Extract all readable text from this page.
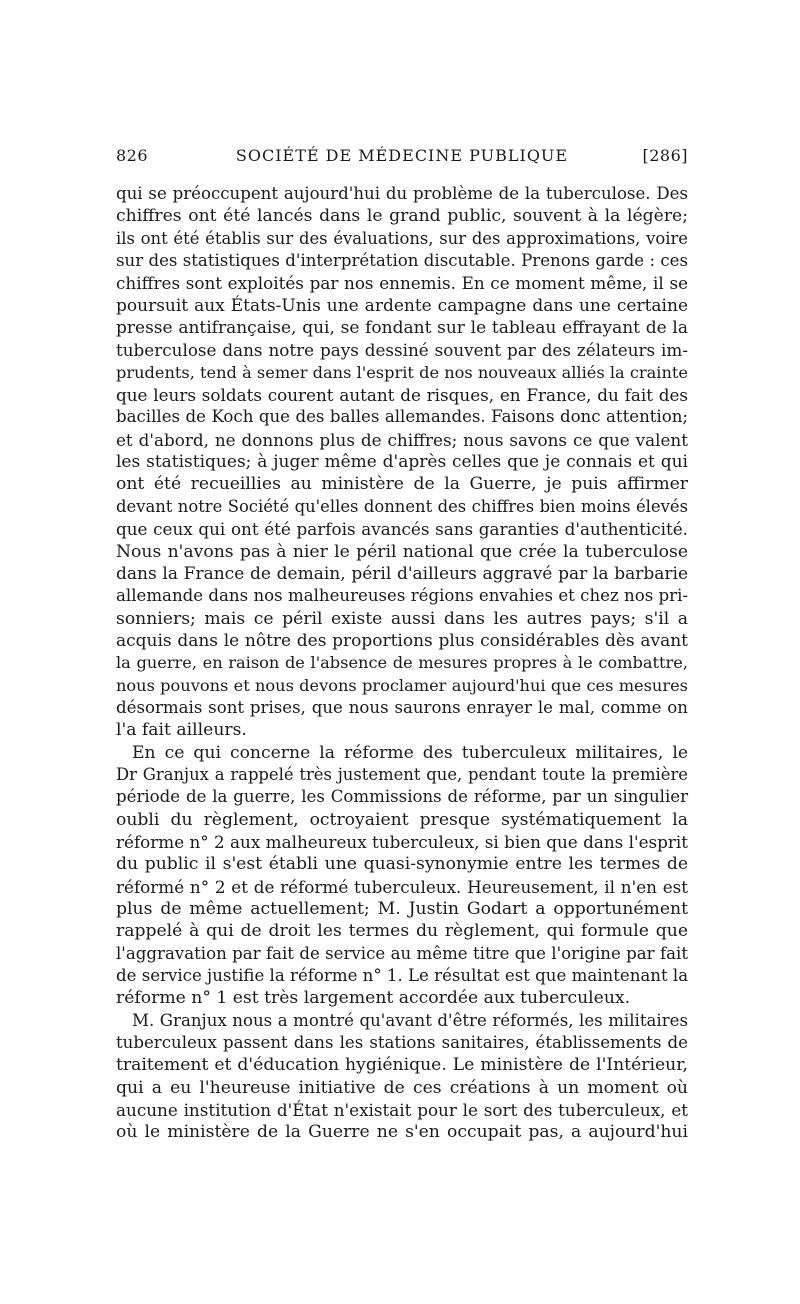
826	SOCIÉTÉ DE MÉDECINE PUBLIQUE	[286]
qui se préoccupent aujourd'hui du problème de la tuberculose. Des
chiffres ont été lancés dans le grand public, souvent à la légère;
ils ont été établis sur des évaluations, sur des approximations, voire
sur des statistiques d'interprétation discutable. Prenons garde : ces
chiffres sont exploités par nos ennemis. En ce moment même, il se
poursuit aux États-Unis une ardente campagne dans une certaine
presse antifrançaise, qui, se fondant sur le tableau effrayant de la
tuberculose dans notre pays dessiné souvent par des zélateurs im-
prudents, tend à semer dans l'esprit de nos nouveaux alliés la crainte
que leurs soldats courent autant de risques, en France, du fait des
bacilles de Koch que des balles allemandes. Faisons donc attention;
et d'abord, ne donnons plus de chiffres; nous savons ce que valent
les statistiques; à juger même d'après celles que je connais et qui
ont été recueillies au ministère de la Guerre, je puis affirmer
devant notre Société qu'elles donnent des chiffres bien moins élevés
que ceux qui ont été parfois avancés sans garanties d'authenticité.
Nous n'avons pas à nier le péril national que crée la tuberculose
dans la France de demain, péril d'ailleurs aggravé par la barbarie
allemande dans nos malheureuses régions envahies et chez nos pri-
sonniers; mais ce péril existe aussi dans les autres pays; s'il a
acquis dans le nôtre des proportions plus considérables dès avant
la guerre, en raison de l'absence de mesures propres à le combattre,
nous pouvons et nous devons proclamer aujourd'hui que ces mesures
désormais sont prises, que nous saurons enrayer le mal, comme on
l'a fait ailleurs.
En ce qui concerne la réforme des tuberculeux militaires, le
Dr Granjux a rappelé très justement que, pendant toute la première
période de la guerre, les Commissions de réforme, par un singulier
oubli du règlement, octroyaient presque systématiquement la
réforme n° 2 aux malheureux tuberculeux, si bien que dans l'esprit
du public il s'est établi une quasi-synonymie entre les termes de
réformé n° 2 et de réformé tuberculeux. Heureusement, il n'en est
plus de même actuellement; M. Justin Godart a opportunément
rappelé à qui de droit les termes du règlement, qui formule que
l'aggravation par fait de service au même titre que l'origine par fait
de service justifie la réforme n° 1. Le résultat est que maintenant la
réforme n° 1 est très largement accordée aux tuberculeux.
M. Granjux nous a montré qu'avant d'être réformés, les militaires
tuberculeux passent dans les stations sanitaires, établissements de
traitement et d'éducation hygiénique. Le ministère de l'Intérieur,
qui a eu l'heureuse initiative de ces créations à un moment où
aucune institution d'État n'existait pour le sort des tuberculeux, et
où le ministère de la Guerre ne s'en occupait pas, a aujourd'hui
